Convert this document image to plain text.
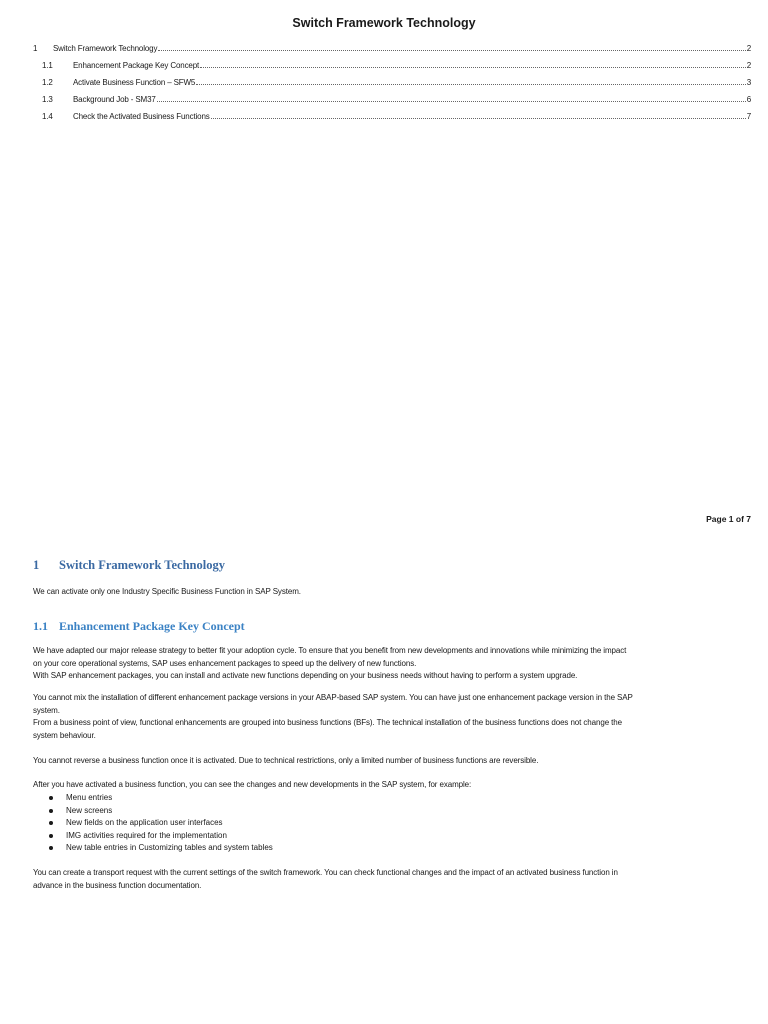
Switch Framework Technology
1	Switch Framework Technology	2
1.1	Enhancement Package Key Concept	2
1.2	Activate Business Function – SFW5	3
1.3	Background Job - SM37	6
1.4	Check the Activated Business Functions	7
Page 1 of 7
1	Switch Framework Technology

We can activate only one Industry Specific Business Function in SAP System.

1.1 Enhancement Package Key Concept

We have adapted our major release strategy to better fit your adoption cycle. To ensure that you benefit from new developments and innovations while minimizing the impact

on your core operational systems, SAP uses enhancement packages to speed up the delivery of new functions.

With SAP enhancement packages, you can install and activate new functions depending on your business needs without having to perform a system upgrade.

You cannot mix the installation of different enhancement package versions in your ABAP-based SAP system. You can have just one enhancement package version in the SAP

system.

From a business point of view, functional enhancements are grouped into business functions (BFs). The technical installation of the business functions does not change the

system behaviour.

You cannot reverse a business function once it is activated. Due to technical restrictions, only a limited number of business functions are reversible.

After you have activated a business function, you can see the changes and new developments in the SAP system, for example:

Menu entries
New screens
New fields on the application user interfaces
IMG activities required for the implementation
New table entries in Customizing tables and system tables

You can create a transport request with the current settings of the switch framework. You can check functional changes and the impact of an activated business function in

advance in the business function documentation.
